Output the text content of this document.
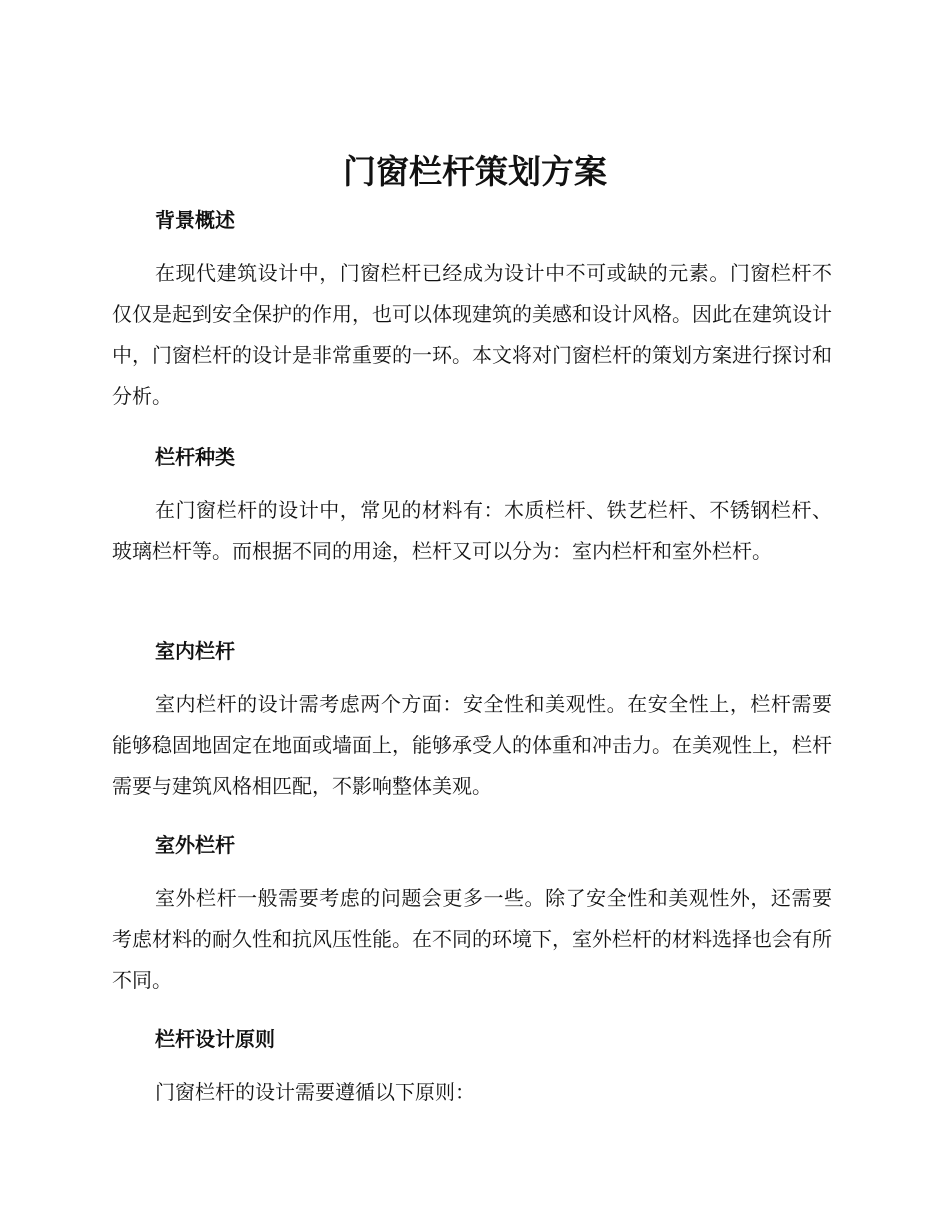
门窗栏杆策划方案
背景概述

在现代建筑设计中，门窗栏杆已经成为设计中不可或缺的元素。门窗栏杆不仅仅是起到安全保护的作用，也可以体现建筑的美感和设计风格。因此在建筑设计中，门窗栏杆的设计是非常重要的一环。本文将对门窗栏杆的策划方案进行探讨和分析。

栏杆种类

在门窗栏杆的设计中，常见的材料有：木质栏杆、铁艺栏杆、不锈钢栏杆、玻璃栏杆等。而根据不同的用途，栏杆又可以分为：室内栏杆和室外栏杆。

室内栏杆

室内栏杆的设计需考虑两个方面：安全性和美观性。在安全性上，栏杆需要能够稳固地固定在地面或墙面上，能够承受人的体重和冲击力。在美观性上，栏杆需要与建筑风格相匹配，不影响整体美观。

室外栏杆

室外栏杆一般需要考虑的问题会更多一些。除了安全性和美观性外，还需要考虑材料的耐久性和抗风压性能。在不同的环境下，室外栏杆的材料选择也会有所不同。

栏杆设计原则

门窗栏杆的设计需要遵循以下原则：
